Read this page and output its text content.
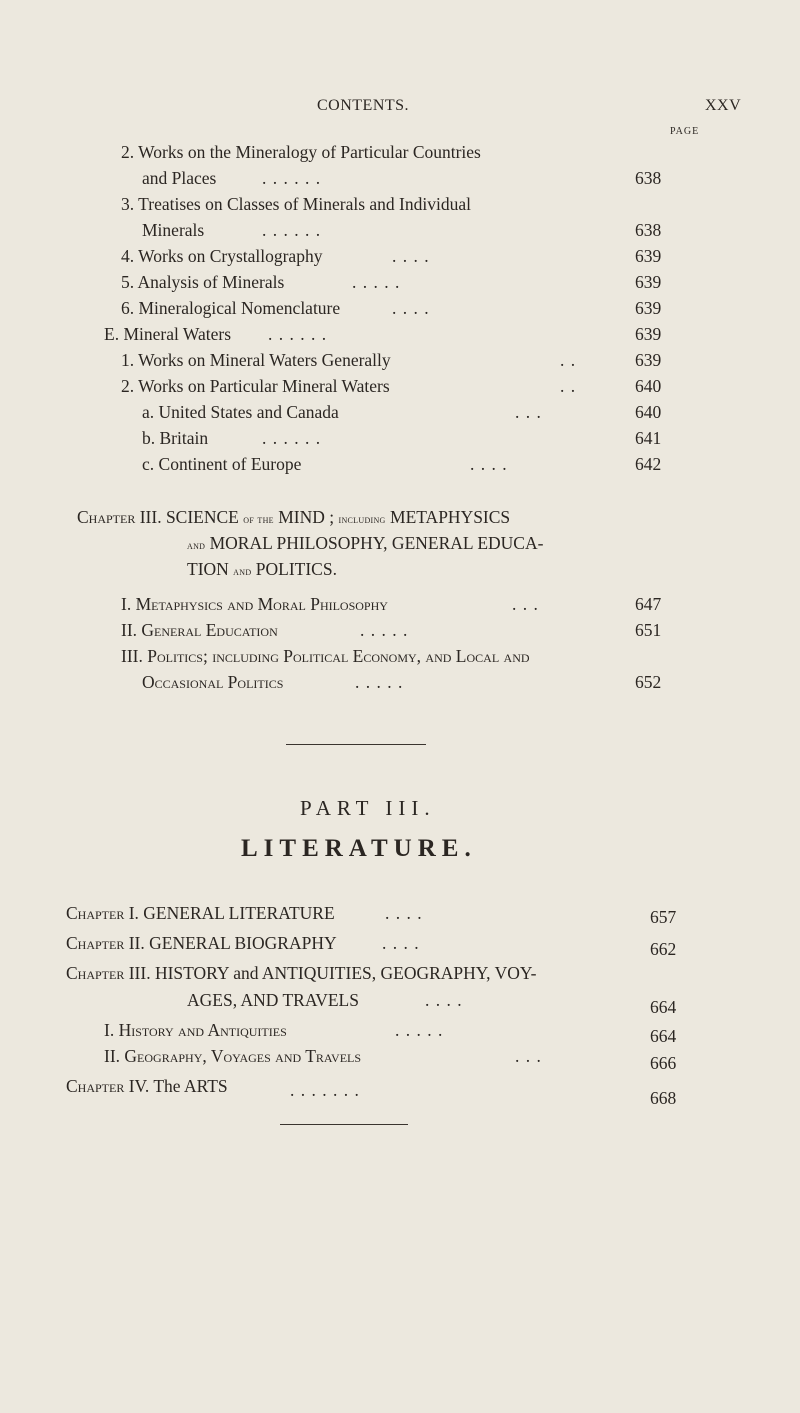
CONTENTS.	XXV
PAGE
2. Works on the Mineralogy of Particular Countries
and Places	. . . . . .	638
3. Treatises on Classes of Minerals and Individual
Minerals	. . . . . .	638
4. Works on Crystallography	. . . .	639
5. Analysis of Minerals	. . . . .	639
6. Mineralogical Nomenclature	. . . .	639
E. Mineral Waters . . . . . .	639
1. Works on Mineral Waters Generally	. .	639
2. Works on Particular Mineral Waters	. .	640
a. United States and Canada	. . .	640
b. Britain	. . . . . .	641
c. Continent of Europe	. . . .	642
Chapter III. SCIENCE of the MIND ; including METAPHYSICS
and MORAL PHILOSOPHY, GENERAL EDUCA-
TION and POLITICS.
I. Metaphysics and Moral Philosophy	. . .	647
II. General Education	. . . . .	651
III. Politics; including Political Economy, and Local and
Occasional Politics	. . . . .	652
PART III.
LITERATURE.
Chapter I. GENERAL LITERATURE	. . . .	657
Chapter II. GENERAL BIOGRAPHY	. . . .	662
Chapter III. HISTORY and ANTIQUITIES, GEOGRAPHY, VOY-
AGES, AND TRAVELS	. . . .	664
I. History and Antiquities	. . . . .	664
II. Geography, Voyages and Travels	. . .	666
Chapter IV. The ARTS	. . . . . . .	668
